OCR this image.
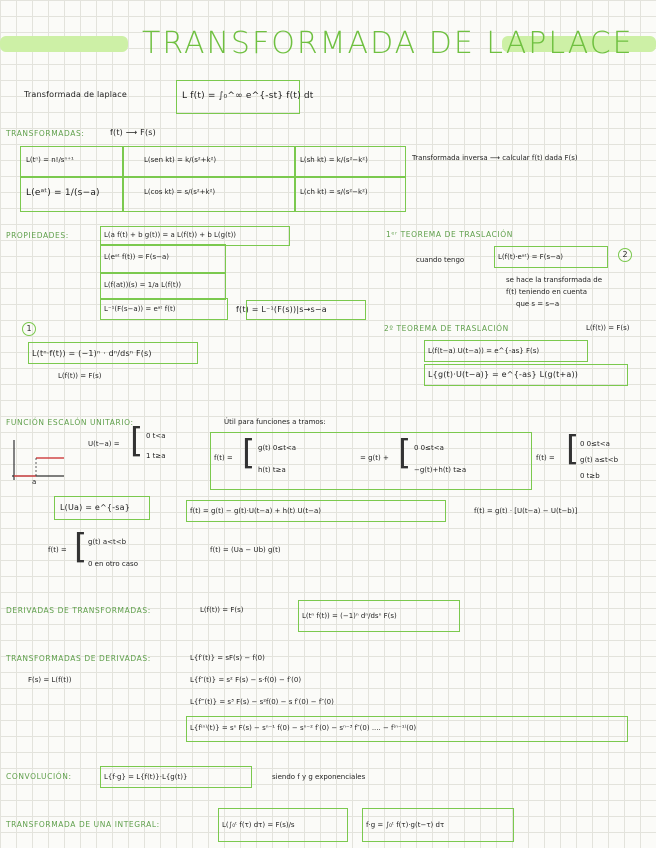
TRANSFORMADA DE LAPLACE
Transformada de laplace	L f(t) = ∫₀^∞ e^{-st} f(t) dt
TRANSFORMADAS:	f(t) ⟶ F(s)
L(tⁿ) = n!/sⁿ⁺¹	L(sen kt) = k/(s²+k²)	L(sh kt) = k/(s²−k²)
L(eᵃᵗ) = 1/(s−a)	L(cos kt) = s/(s²+k²)	L(ch kt) = s/(s²−k²)
Transformada inversa ⟶ calcular f(t) dada F(s)
PROPIEDADES:	L(a f(t) + b g(t)) = a L(f(t)) + b L(g(t))
L(eᵃᵗ f(t)) = F(s−a)
L(f(at))(s) = 1/a L(f(t))
L⁻¹(F(s−a)) = eᵃᵗ f(t)	f(t) = L⁻¹(F(s))|s→s−a
1ᵉʳ TEOREMA DE TRASLACIÓN
cuando tengo	L(f(t)·eᵃᵗ) = F(s−a)	2
se hace la transformada de
f(t) teniendo en cuenta
que s = s−a
1
L(tⁿ·f(t)) = (−1)ⁿ · dⁿ/dsⁿ F(s)
L(f(t)) = F(s)
2º TEOREMA DE TRASLACIÓN	L(f(t)) = F(s)
L(f(t−a) U(t−a)) = e^{-as} F(s)
L{g(t)·U(t−a)} = e^{-as} L(g(t+a))
FUNCIÓN ESCALÓN UNITARIO:
U(t−a) = [ 0 t<a
1 t≥a
a
Útil para funciones a tramos:
f(t) = [ g(t) 0≤t<a
h(t) t≥a
= g(t) + [ 0 0≤t<a
−g(t)+h(t) t≥a
f(t) = [ 0 0≤t<a
g(t) a≤t<b
0 t≥b
L(Ua) = e^{-sa}	f(t) = g(t) − g(t)·U(t−a) + h(t) U(t−a)	f(t) = g(t) · [U(t−a) − U(t−b)]
f(t) = [ g(t) a<t<b
0 en otro caso
f(t) = (Ua − Ub) g(t)
DERIVADAS DE TRANSFORMADAS:	L(f(t)) = F(s)
L(tⁿ f(t)) = (−1)ⁿ dⁿ/dsⁿ F(s)
TRANSFORMADAS DE DERIVADAS:
F(s) = L(f(t))
L{f′(t)} = sF(s) − f(0)
L{f″(t)} = s² F(s) − s·f(0) − f′(0)
L{f‴(t)} = s³ F(s) − s²f(0) − s f′(0) − f″(0)
L{f⁽ⁿ⁾(t)} = sⁿ F(s) − sⁿ⁻¹ f(0) − sⁿ⁻² f′(0) − sⁿ⁻³ f″(0) .... − f⁽ⁿ⁻¹⁾(0)
CONVOLUCIÓN:	L{f·g} = L{f(t)}·L{g(t)}	siendo f y g exponenciales
TRANSFORMADA DE UNA INTEGRAL:	L(∫₀ᵗ f(τ) dτ) = F(s)/s	f·g = ∫₀ᵗ f(τ)·g(t−τ) dτ
